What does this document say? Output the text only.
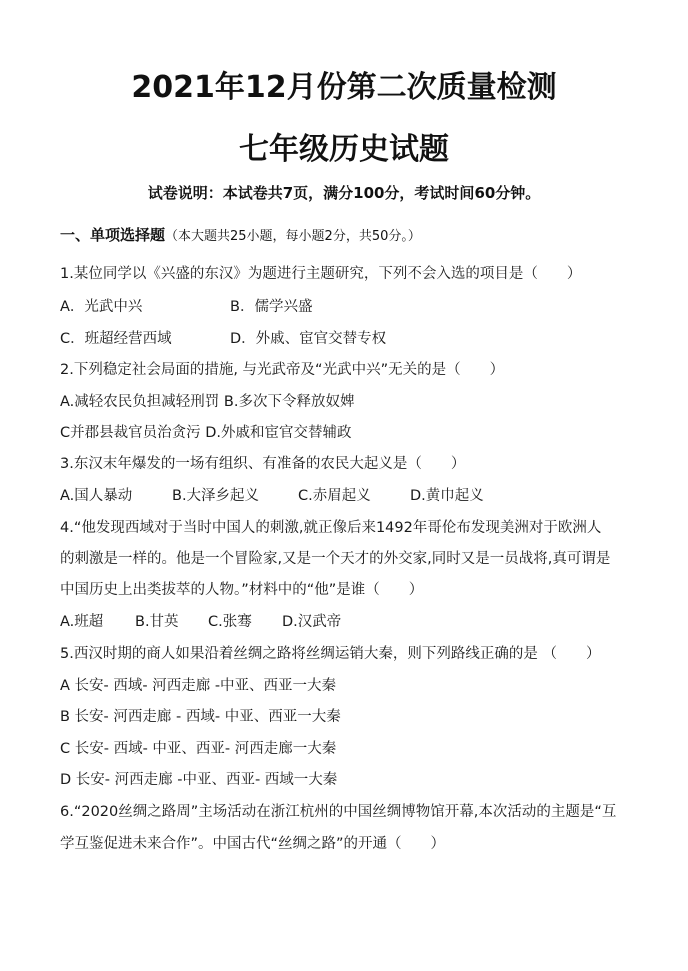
2021年12月份第二次质量检测
七年级历史试题
试卷说明：本试卷共7页，满分100分，考试时间60分钟。
一、单项选择题（本大题共25小题，每小题2分，共50分。）
1.某位同学以《兴盛的东汉》为题进行主题研究，下列不会入选的项目是（　　）
A．光武中兴	B．儒学兴盛
C．班超经营西域	D．外戚、宦官交替专权
2.下列稳定社会局面的措施, 与光武帝及“光武中兴”无关的是（　　）
A.减轻农民负担减轻刑罚 B.多次下令释放奴婢
C并郡县裁官员治贪污 D.外戚和宦官交替辅政
3.东汉末年爆发的一场有组织、有准备的农民大起义是（　　）
A.国人暴动	B.大泽乡起义	C.赤眉起义	D.黄巾起义
4.“他发现西域对于当时中国人的刺激,就正像后来1492年哥伦布发现美洲对于欧洲人
的刺激是一样的。他是一个冒险家,又是一个天才的外交家,同时又是一员战将,真可谓是
中国历史上出类拔萃的人物。”材料中的“他”是谁（　　）
A.班超 B.甘英 C.张骞 D.汉武帝
5.西汉时期的商人如果沿着丝绸之路将丝绸运销大秦，则下列路线正确的是 （　　）
A 长安- 西域- 河西走廊 -中亚、西亚一大秦
B 长安- 河西走廊 - 西域- 中亚、西亚一大秦
C 长安- 西域- 中亚、西亚- 河西走廊一大秦
D 长安- 河西走廊 -中亚、西亚- 西域一大秦
6.“2020丝绸之路周”主场活动在浙江杭州的中国丝绸博物馆开幕,本次活动的主题是“互
学互鉴促进未来合作”。中国古代“丝绸之路”的开通（　　）
